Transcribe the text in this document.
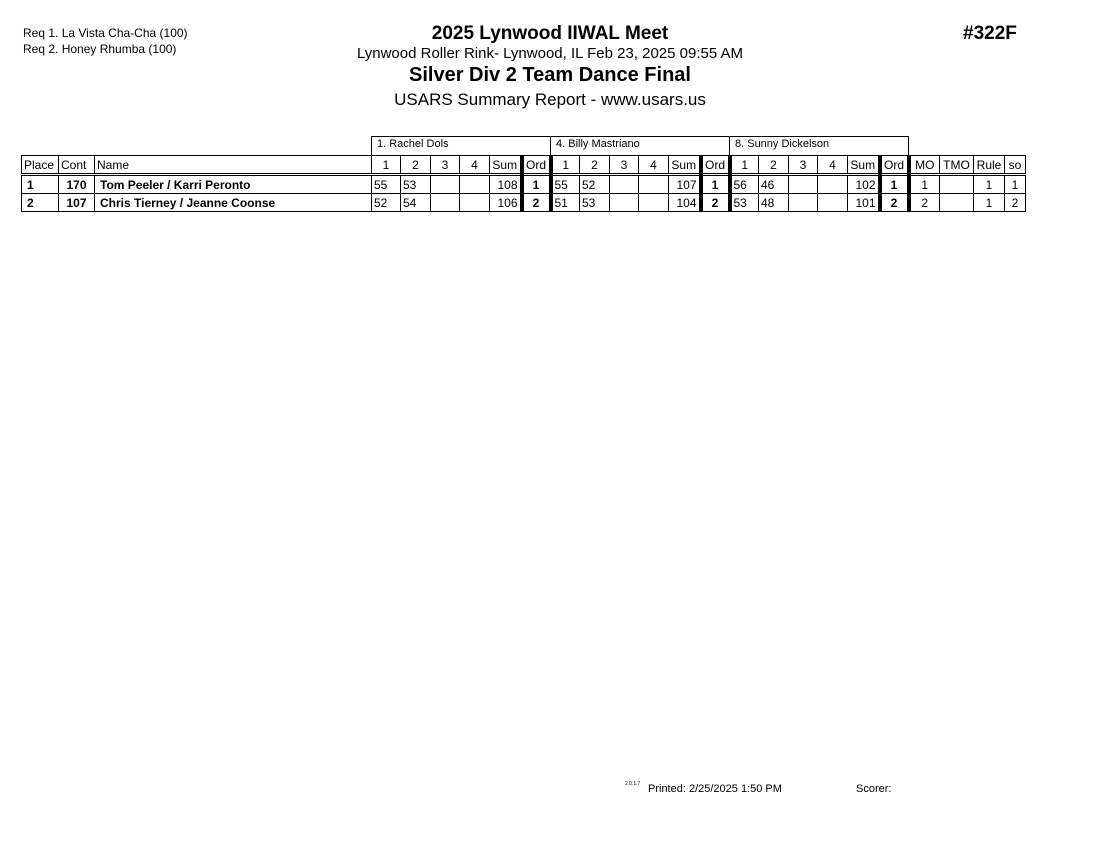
Req 1. La Vista Cha-Cha (100)
Req 2. Honey Rhumba (100)
2025 Lynwood IIWAL Meet
Lynwood Roller Rink- Lynwood, IL Feb 23, 2025 09:55 AM
Silver Div 2 Team Dance Final
USARS Summary Report - www.usars.us
#322F
			1. Rachel Dols						4. Billy Mastriano						8. Sunny Dickelson									
Place	Cont	Name	1	2	3	4	Sum	Ord	1	2	3	4	Sum	Ord	1	2	3	4	Sum	Ord	MO	TMO	Rule	so
1	170	Tom Peeler / Karri Peronto	55	53			108	1	55	52			107	1	56	46			102	1	1		1	1
2	107	Chris Tierney / Jeanne Coonse	52	54			106	2	51	53			104	2	53	48			101	2	2		1	2
2.0.1.7 Printed: 2/25/2025 1:50 PM	Scorer:
